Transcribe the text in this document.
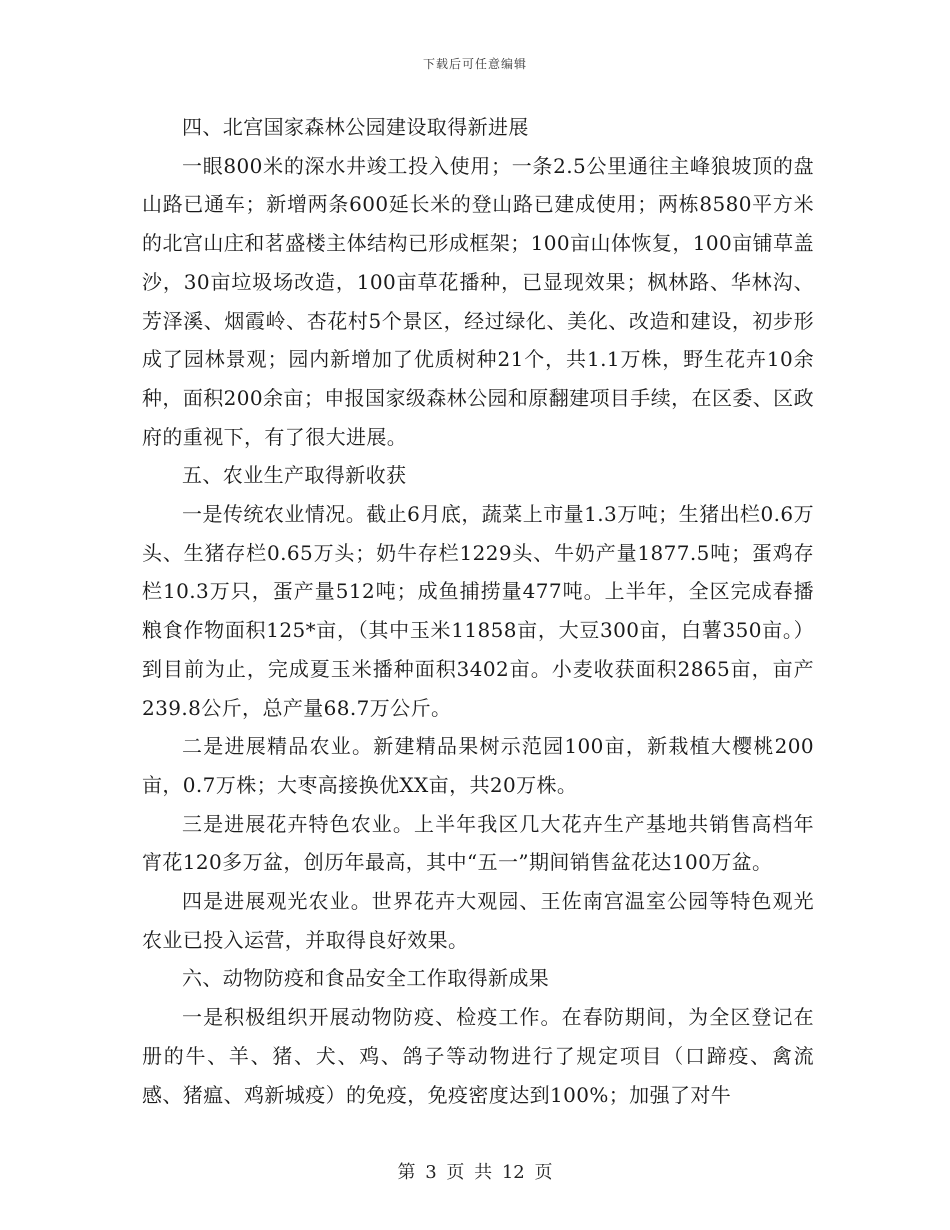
下载后可任意编辑

四、北宫国家森林公园建设取得新进展

一眼800米的深水井竣工投入使用；一条2.5公里通往主峰狼坡顶的盘山路已通车；新增两条600延长米的登山路已建成使用；两栋8580平方米的北宫山庄和茗盛楼主体结构已形成框架；100亩山体恢复，100亩铺草盖沙，30亩垃圾场改造，100亩草花播种，已显现效果；枫林路、华林沟、芳泽溪、烟霞岭、杏花村5个景区，经过绿化、美化、改造和建设，初步形成了园林景观；园内新增加了优质树种21个，共1.1万株，野生花卉10余种，面积200余亩；申报国家级森林公园和原翻建项目手续，在区委、区政府的重视下，有了很大进展。

五、农业生产取得新收获

一是传统农业情况。截止6月底，蔬菜上市量1.3万吨；生猪出栏0.6万头、生猪存栏0.65万头；奶牛存栏1229头、牛奶产量1877.5吨；蛋鸡存栏10.3万只，蛋产量512吨；成鱼捕捞量477吨。上半年，全区完成春播粮食作物面积125*亩，（其中玉米11858亩，大豆300亩，白薯350亩。）到目前为止，完成夏玉米播种面积3402亩。小麦收获面积2865亩，亩产239.8公斤，总产量68.7万公斤。

二是进展精品农业。新建精品果树示范园100亩，新栽植大樱桃200亩，0.7万株；大枣高接换优XX亩，共20万株。

三是进展花卉特色农业。上半年我区几大花卉生产基地共销售高档年宵花120多万盆，创历年最高，其中“五一”期间销售盆花达100万盆。

四是进展观光农业。世界花卉大观园、王佐南宫温室公园等特色观光农业已投入运营，并取得良好效果。

六、动物防疫和食品安全工作取得新成果

一是积极组织开展动物防疫、检疫工作。在春防期间，为全区登记在册的牛、羊、猪、犬、鸡、鸽子等动物进行了规定项目（口蹄疫、禽流感、猪瘟、鸡新城疫）的免疫，免疫密度达到100%；加强了对牛

第 3 页 共 12 页
